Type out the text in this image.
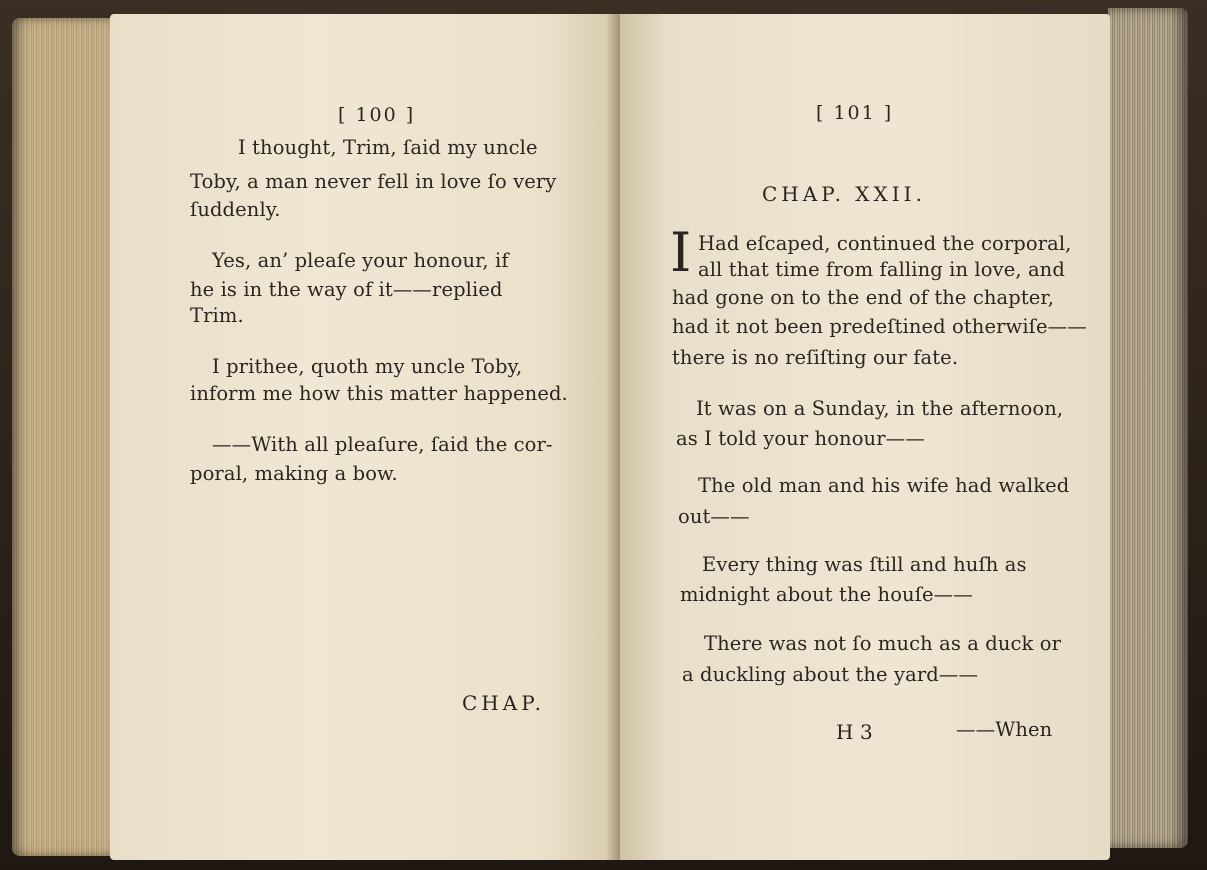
[ 100 ]
I thought, Trim, ſaid my uncle
Toby, a man never fell in love ſo very
ſuddenly.
Yes, an’ pleaſe your honour, if
he is in the way of it——replied
Trim.
I prithee, quoth my uncle Toby,
inform me how this matter happened.
——With all pleaſure, ſaid the cor-
poral, making a bow.
CHAP.
[ 101 ]
CHAP. XXII.
I Had eſcaped, continued the corporal,
all that time from falling in love, and
had gone on to the end of the chapter,
had it not been predeſtined otherwiſe——
there is no reſiſting our fate.
It was on a Sunday, in the afternoon,
as I told your honour——
The old man and his wife had walked
out——
Every thing was ſtill and huſh as
midnight about the houſe——
There was not ſo much as a duck or
a duckling about the yard——
H 3	——When
